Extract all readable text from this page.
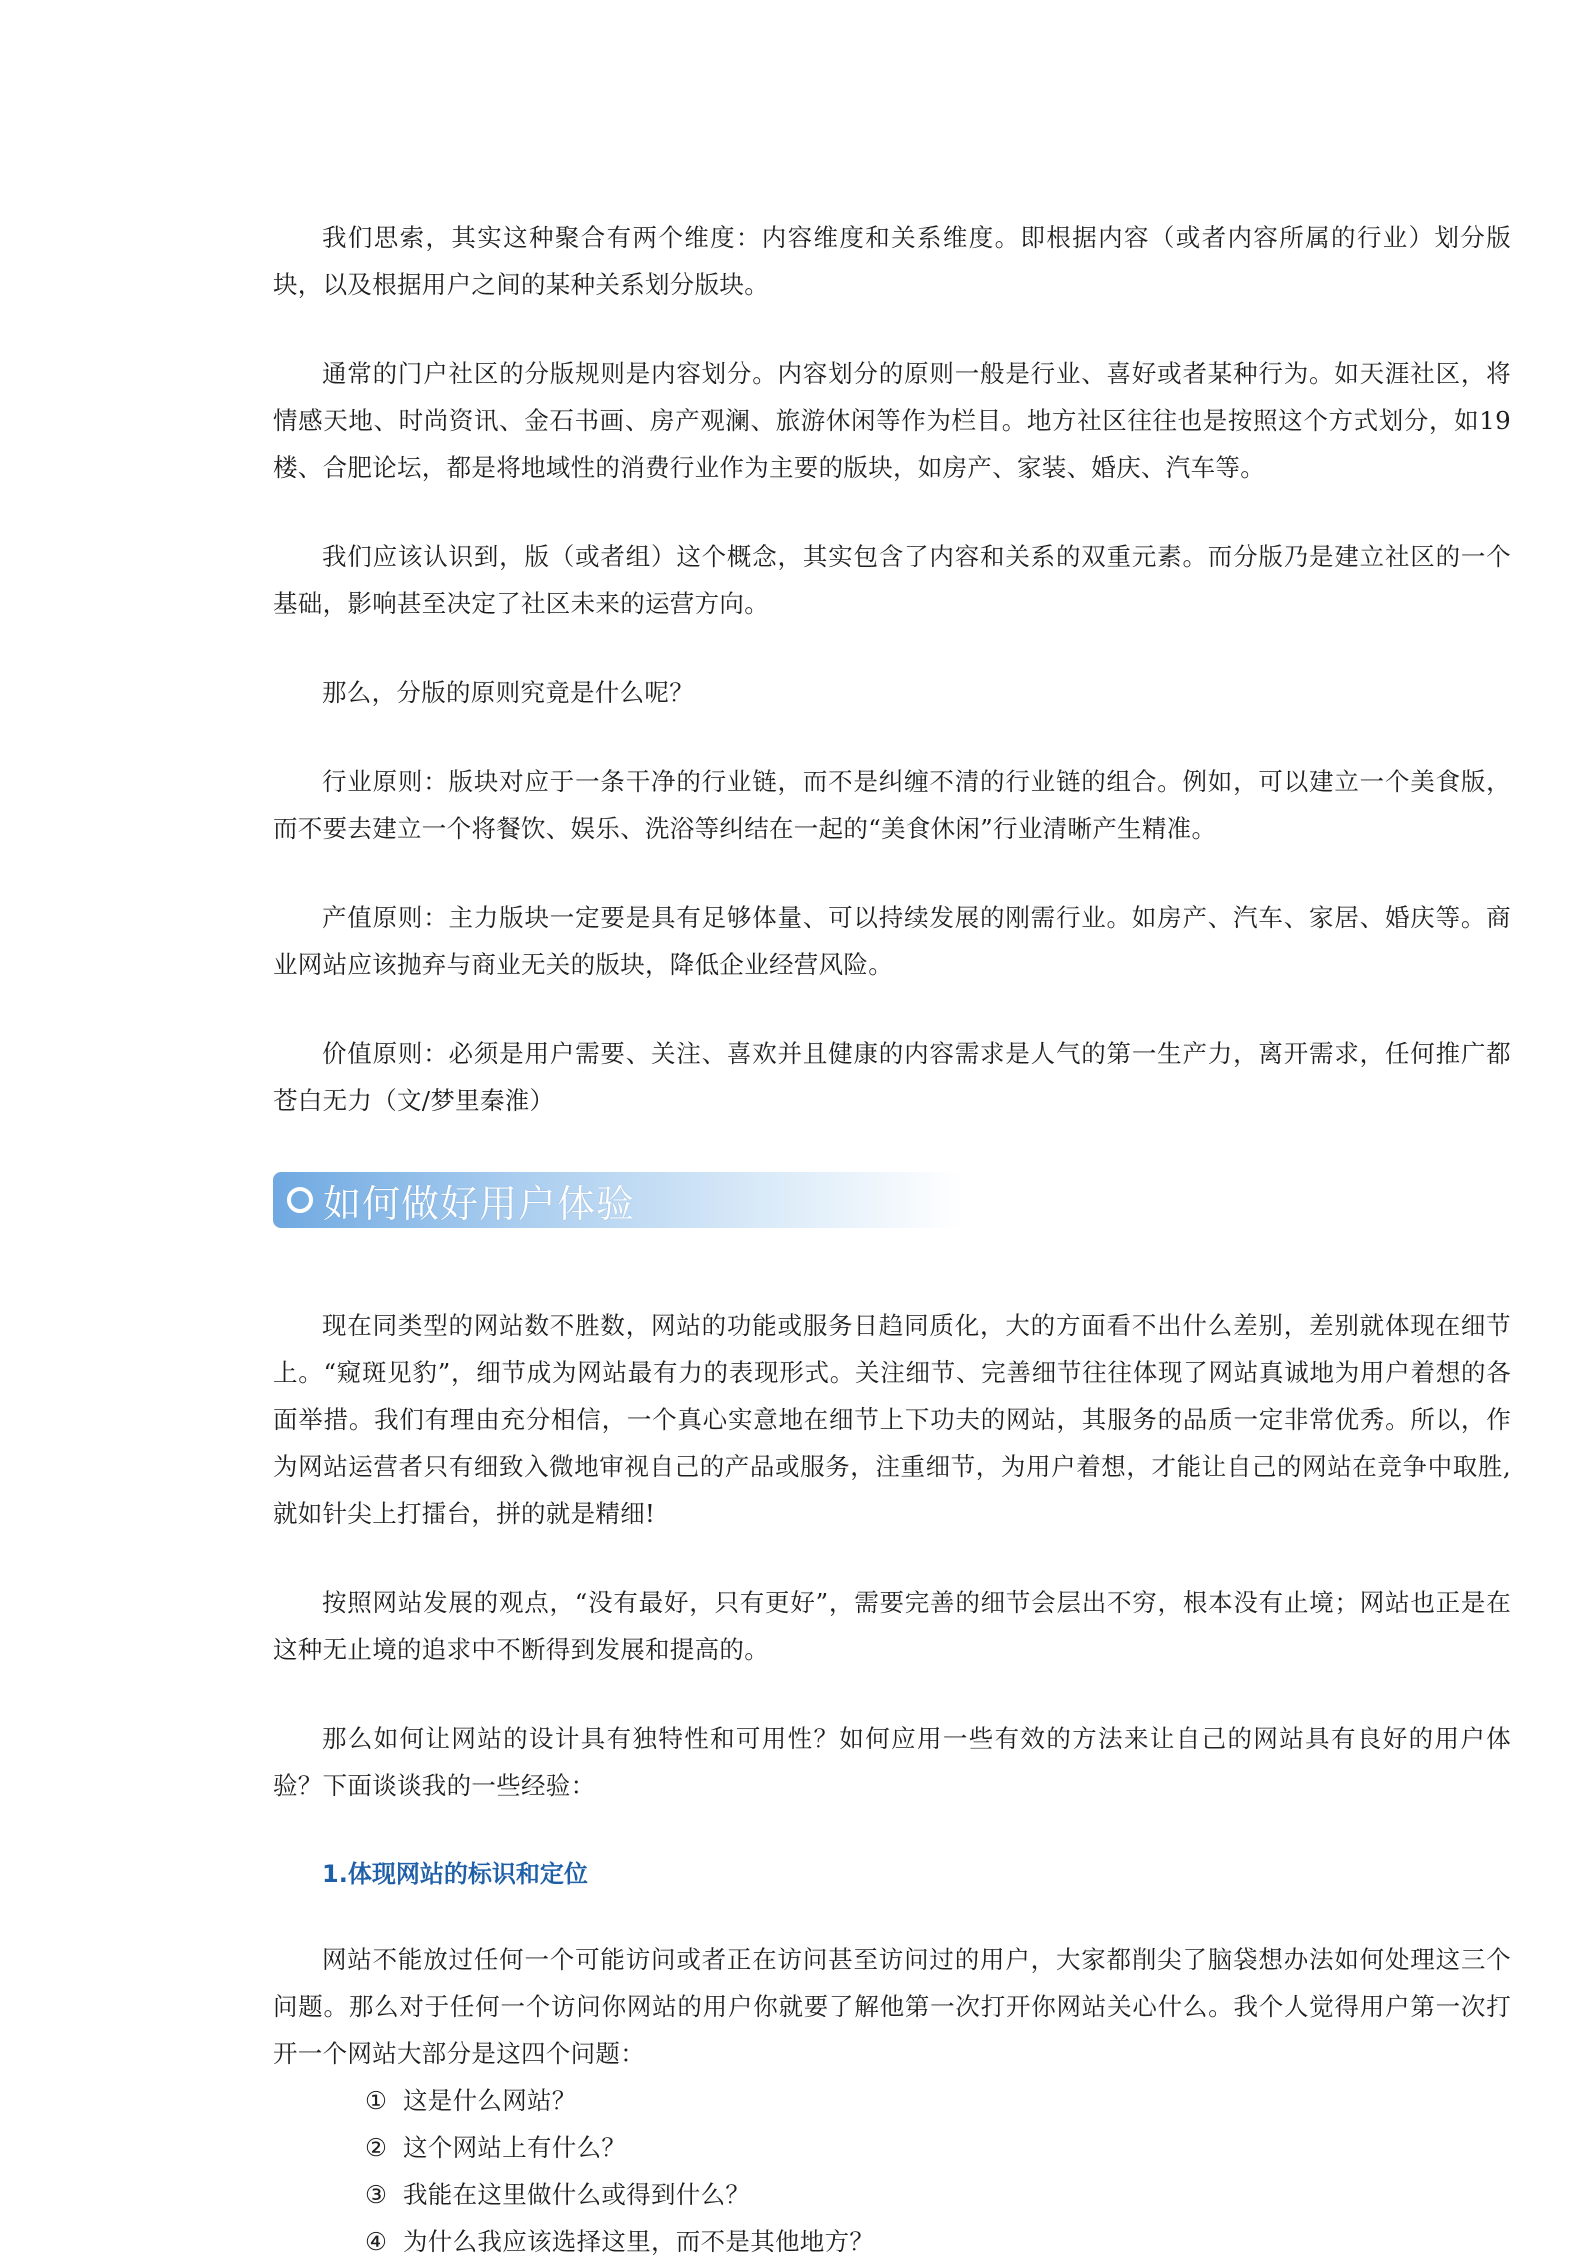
我们思索，其实这种聚合有两个维度：内容维度和关系维度。即根据内容（或者内容所属的行业）划分版块，以及根据用户之间的某种关系划分版块。

通常的门户社区的分版规则是内容划分。内容划分的原则一般是行业、喜好或者某种行为。如天涯社区，将情感天地、时尚资讯、金石书画、房产观澜、旅游休闲等作为栏目。地方社区往往也是按照这个方式划分，如19楼、合肥论坛，都是将地域性的消费行业作为主要的版块，如房产、家装、婚庆、汽车等。

我们应该认识到，版（或者组）这个概念，其实包含了内容和关系的双重元素。而分版乃是建立社区的一个基础，影响甚至决定了社区未来的运营方向。

那么，分版的原则究竟是什么呢？

行业原则：版块对应于一条干净的行业链，而不是纠缠不清的行业链的组合。例如，可以建立一个美食版，而不要去建立一个将餐饮、娱乐、洗浴等纠结在一起的“美食休闲”行业清晰产生精准。

产值原则：主力版块一定要是具有足够体量、可以持续发展的刚需行业。如房产、汽车、家居、婚庆等。商业网站应该抛弃与商业无关的版块，降低企业经营风险。

价值原则：必须是用户需要、关注、喜欢并且健康的内容需求是人气的第一生产力，离开需求，任何推广都苍白无力（文/梦里秦淮）

如何做好用户体验

现在同类型的网站数不胜数，网站的功能或服务日趋同质化，大的方面看不出什么差别，差别就体现在细节上。“窥斑见豹”，细节成为网站最有力的表现形式。关注细节、完善细节往往体现了网站真诚地为用户着想的各面举措。我们有理由充分相信，一个真心实意地在细节上下功夫的网站，其服务的品质一定非常优秀。所以，作为网站运营者只有细致入微地审视自己的产品或服务，注重细节，为用户着想，才能让自己的网站在竞争中取胜, 就如针尖上打擂台，拼的就是精细!

按照网站发展的观点，“没有最好，只有更好”，需要完善的细节会层出不穷，根本没有止境；网站也正是在这种无止境的追求中不断得到发展和提高的。

那么如何让网站的设计具有独特性和可用性？如何应用一些有效的方法来让自己的网站具有良好的用户体验？下面谈谈我的一些经验：

1.体现网站的标识和定位

网站不能放过任何一个可能访问或者正在访问甚至访问过的用户，大家都削尖了脑袋想办法如何处理这三个问题。那么对于任何一个访问你网站的用户你就要了解他第一次打开你网站关心什么。我个人觉得用户第一次打开一个网站大部分是这四个问题：

① 这是什么网站？
② 这个网站上有什么？
③ 我能在这里做什么或得到什么？
④ 为什么我应该选择这里，而不是其他地方？
